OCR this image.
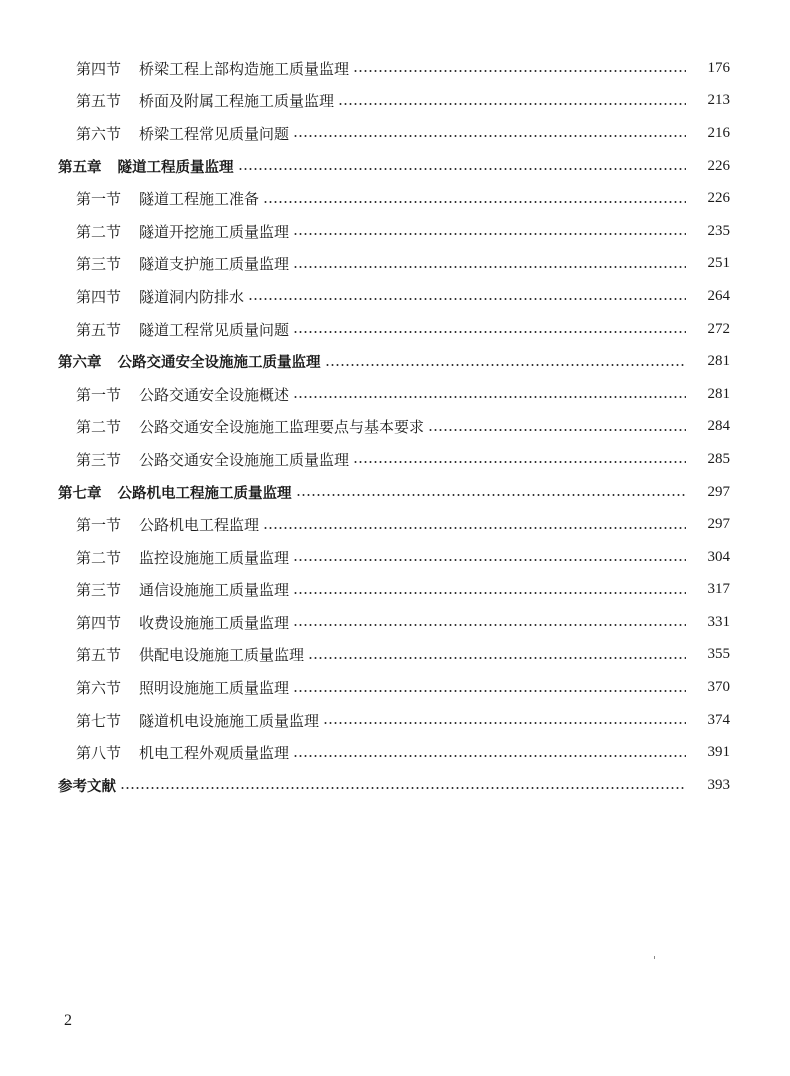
第四节 桥梁工程上部构造施工质量监理	176
第五节 桥面及附属工程施工质量监理	213
第六节 桥梁工程常见质量问题	216
第五章 隧道工程质量监理	226
第一节 隧道工程施工准备	226
第二节 隧道开挖施工质量监理	235
第三节 隧道支护施工质量监理	251
第四节 隧道洞内防排水	264
第五节 隧道工程常见质量问题	272
第六章 公路交通安全设施施工质量监理	281
第一节 公路交通安全设施概述	281
第二节 公路交通安全设施施工监理要点与基本要求	284
第三节 公路交通安全设施施工质量监理	285
第七章 公路机电工程施工质量监理	297
第一节 公路机电工程监理	297
第二节 监控设施施工质量监理	304
第三节 通信设施施工质量监理	317
第四节 收费设施施工质量监理	331
第五节 供配电设施施工质量监理	355
第六节 照明设施施工质量监理	370
第七节 隧道机电设施施工质量监理	374
第八节 机电工程外观质量监理	391
参考文献	393
2
